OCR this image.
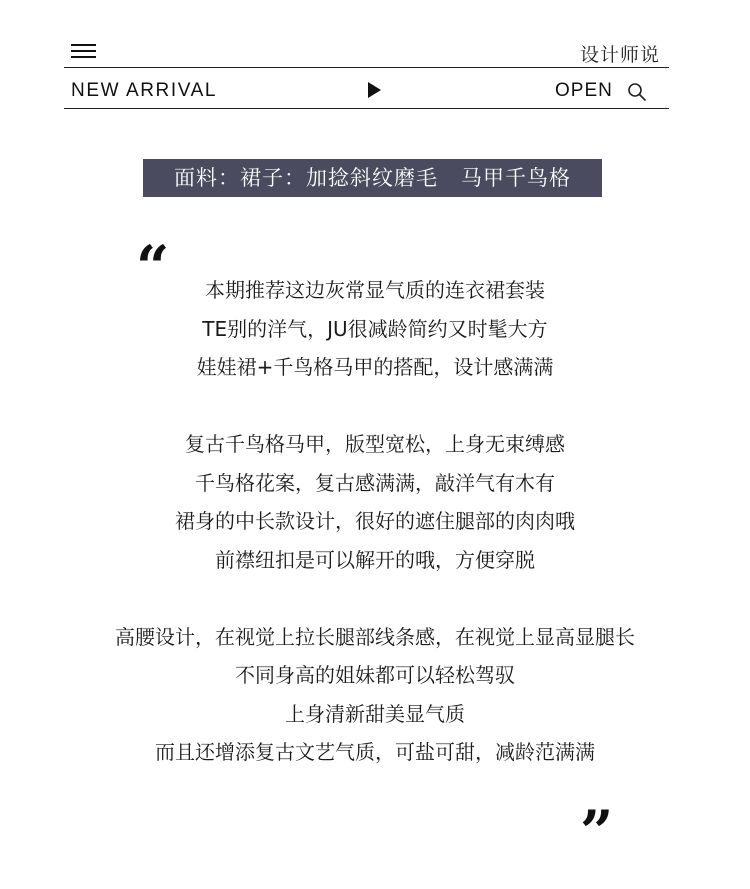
设计师说
NEW ARRIVAL	OPEN
面料：裙子：加捻斜纹磨毛   马甲千鸟格
“
”
本期推荐这边灰常显气质的连衣裙套装
TE别的洋气，JU很减龄简约又时髦大方
娃娃裙+千鸟格马甲的搭配，设计感满满
复古千鸟格马甲，版型宽松，上身无束缚感
千鸟格花案，复古感满满，敲洋气有木有
裙身的中长款设计，很好的遮住腿部的肉肉哦
前襟纽扣是可以解开的哦，方便穿脱
高腰设计，在视觉上拉长腿部线条感，在视觉上显高显腿长
不同身高的姐妹都可以轻松驾驭
上身清新甜美显气质
而且还增添复古文艺气质，可盐可甜，减龄范满满
